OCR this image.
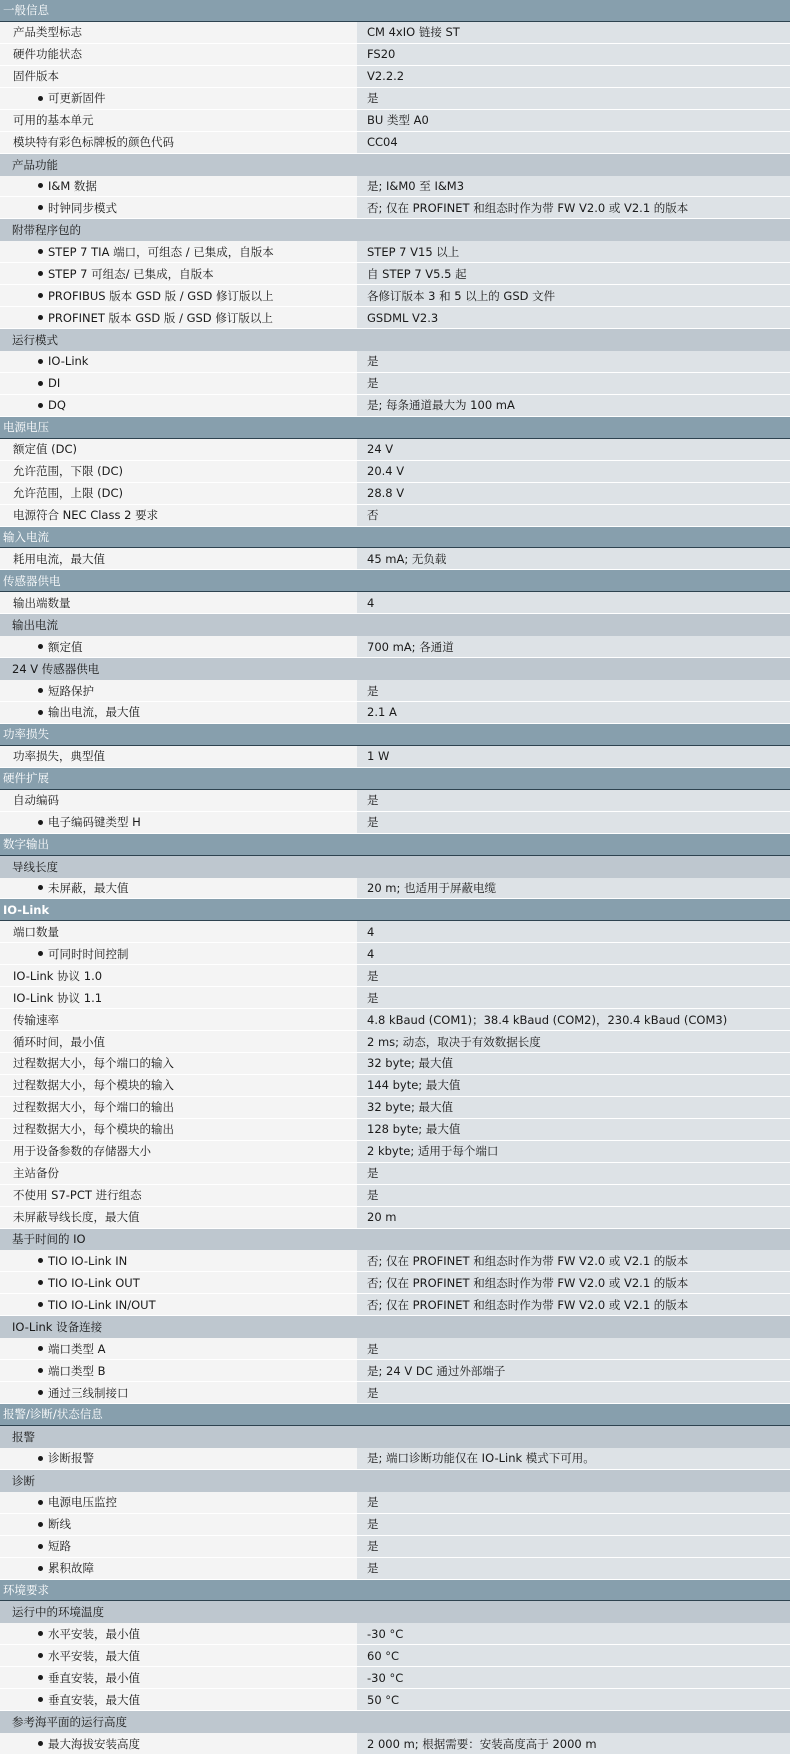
一般信息
产品类型标志	CM 4xIO 链接 ST
硬件功能状态	FS20
固件版本	V2.2.2
可更新固件	是
可用的基本单元	BU 类型 A0
模块特有彩色标牌板的颜色代码	CC04
产品功能
I&M 数据	是; I&M0 至 I&M3
时钟同步模式	否; 仅在 PROFINET 和组态时作为带 FW V2.0 或 V2.1 的版本
附带程序包的
STEP 7 TIA 端口，可组态 / 已集成，自版本	STEP 7 V15 以上
STEP 7 可组态/ 已集成，自版本	自 STEP 7 V5.5 起
PROFIBUS 版本 GSD 版 / GSD 修订版以上	各修订版本 3 和 5 以上的 GSD 文件
PROFINET 版本 GSD 版 / GSD 修订版以上	GSDML V2.3
运行模式
IO-Link	是
DI	是
DQ	是; 每条通道最大为 100 mA
电源电压
额定值 (DC)	24 V
允许范围，下限 (DC)	20.4 V
允许范围，上限 (DC)	28.8 V
电源符合 NEC Class 2 要求	否
输入电流
耗用电流，最大值	45 mA; 无负载
传感器供电
输出端数量	4
输出电流
额定值	700 mA; 各通道
24 V 传感器供电
短路保护	是
输出电流，最大值	2.1 A
功率损失
功率损失，典型值	1 W
硬件扩展
自动编码	是
电子编码键类型 H	是
数字输出
导线长度
未屏蔽，最大值	20 m; 也适用于屏蔽电缆
IO-Link
端口数量	4
可同时时间控制	4
IO-Link 协议 1.0	是
IO-Link 协议 1.1	是
传输速率	4.8 kBaud (COM1)；38.4 kBaud (COM2)，230.4 kBaud (COM3)
循环时间，最小值	2 ms; 动态，取决于有效数据长度
过程数据大小，每个端口的输入	32 byte; 最大值
过程数据大小，每个模块的输入	144 byte; 最大值
过程数据大小，每个端口的输出	32 byte; 最大值
过程数据大小，每个模块的输出	128 byte; 最大值
用于设备参数的存储器大小	2 kbyte; 适用于每个端口
主站备份	是
不使用 S7-PCT 进行组态	是
未屏蔽导线长度，最大值	20 m
基于时间的 IO
TIO IO-Link IN	否; 仅在 PROFINET 和组态时作为带 FW V2.0 或 V2.1 的版本
TIO IO-Link OUT	否; 仅在 PROFINET 和组态时作为带 FW V2.0 或 V2.1 的版本
TIO IO-Link IN/OUT	否; 仅在 PROFINET 和组态时作为带 FW V2.0 或 V2.1 的版本
IO-Link 设备连接
端口类型 A	是
端口类型 B	是; 24 V DC 通过外部端子
通过三线制接口	是
报警/诊断/状态信息
报警
诊断报警	是; 端口诊断功能仅在 IO-Link 模式下可用。
诊断
电源电压监控	是
断线	是
短路	是
累积故障	是
环境要求
运行中的环境温度
水平安装，最小值	-30 °C
水平安装，最大值	60 °C
垂直安装，最小值	-30 °C
垂直安装，最大值	50 °C
参考海平面的运行高度
最大海拔安装高度	2 000 m; 根据需要：安装高度高于 2000 m
